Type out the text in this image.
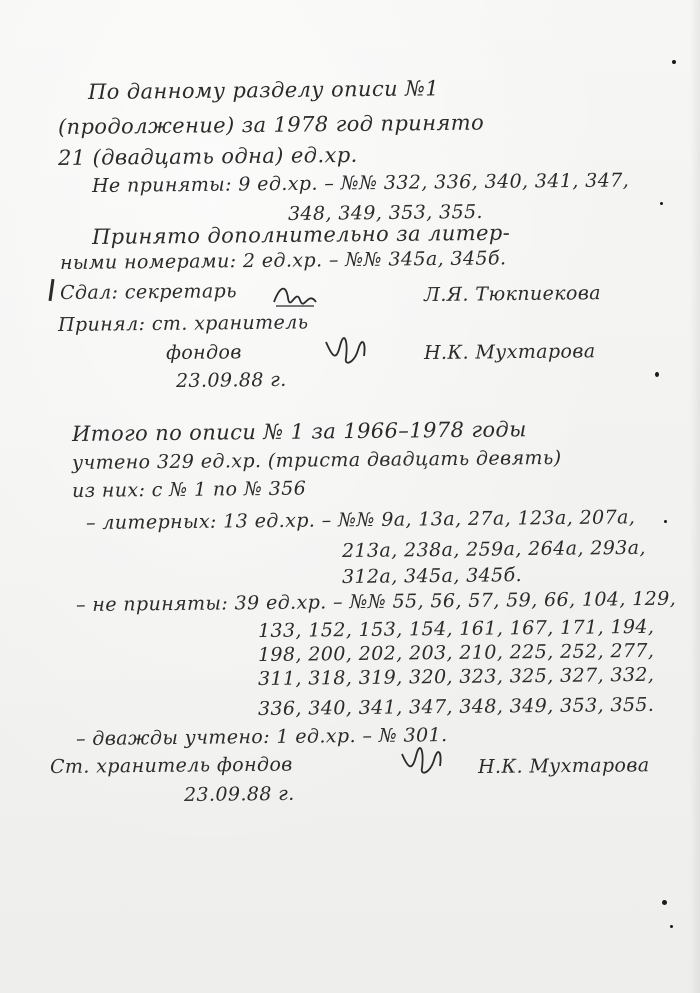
По данному разделу описи №1
(продолжение) за 1978 год принято
21 (двадцать одна) ед.хр.
Не приняты: 9 ед.хр. – №№ 332, 336, 340, 341, 347,
348, 349, 353, 355.
Принято дополнительно за литер-
ными номерами: 2 ед.хр. – №№ 345а, 345б.
Сдал: секретарь	Л.Я. Тюкпиекова
Принял: ст. хранитель
фондов	Н.К. Мухтарова
23.09.88 г.
Итого по описи № 1 за 1966–1978 годы
учтено 329 ед.хр. (триста двадцать девять)
из них: с № 1 по № 356
– литерных: 13 ед.хр. – №№ 9а, 13а, 27а, 123а, 207а,
213а, 238а, 259а, 264а, 293а,
312а, 345а, 345б.
– не приняты: 39 ед.хр. – №№ 55, 56, 57, 59, 66, 104, 129,
133, 152, 153, 154, 161, 167, 171, 194,
198, 200, 202, 203, 210, 225, 252, 277,
311, 318, 319, 320, 323, 325, 327, 332,
336, 340, 341, 347, 348, 349, 353, 355.
– дважды учтено: 1 ед.хр. – № 301.
Ст. хранитель фондов	Н.К. Мухтарова
23.09.88 г.
